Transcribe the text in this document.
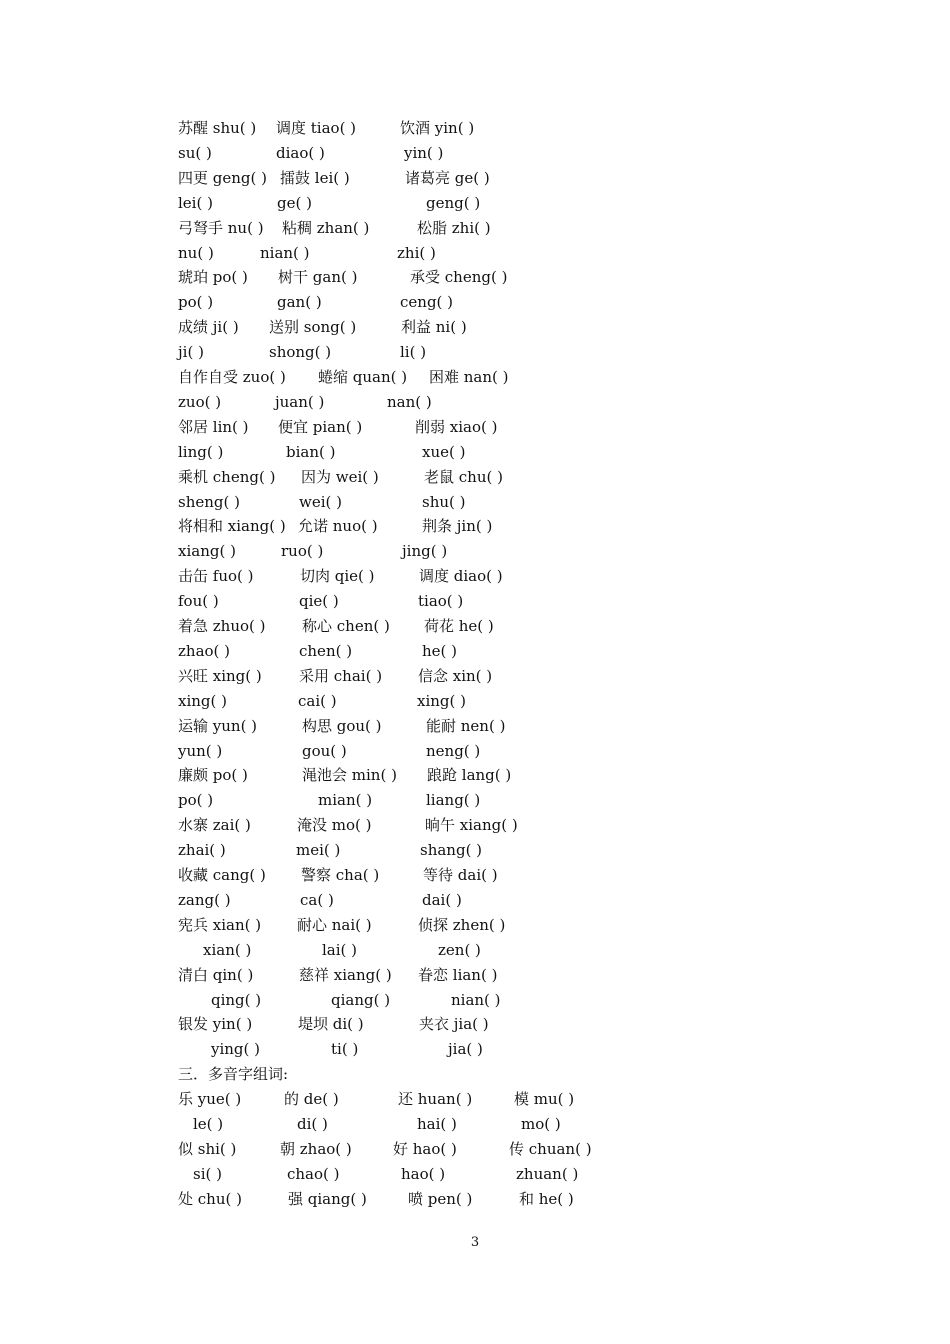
苏醒 shu( ) 调度 tiao( )	饮酒 yin( )
su( )	diao( )	yin( )
四更 geng( ) 擂鼓 lei( )	诸葛亮 ge( )
lei( )	ge( )	geng( )
弓弩手 nu( ) 粘稠 zhan( )	松脂 zhi( )
nu( )	nian( )	zhi( )
琥珀 po( ) 树干 gan( )	承受 cheng( )
po( )	gan( )	ceng( )
成绩 ji( ) 送别 song( )	利益 ni( )
ji( )	shong( )	li( )
自作自受 zuo( ) 蜷缩 quan( ) 困难 nan( )
zuo( )	juan( )	nan( )
邻居 lin( ) 便宜 pian( )	削弱 xiao( )
ling( )	bian( )	xue( )
乘机 cheng( ) 因为 wei( )	老鼠 chu( )
sheng( )	wei( )	shu( )
将相和 xiang( ) 允诺 nuo( )	荆条 jin( )
xiang( )	ruo( )	jing( )
击缶 fuo( )	切肉 qie( )	调度 diao( )
fou( )	qie( )	tiao( )
着急 zhuo( ) 称心 chen( ) 荷花 he( )
zhao( )	chen( )	he( )
兴旺 xing( ) 采用 chai( ) 信念 xin( )
xing( )	cai( )	xing( )
运输 yun( )	构思 gou( )	能耐 nen( )
yun( )	gou( )	neng( )
廉颇 po( )	渑池会 min( ) 踉跄 lang( )
po( )	mian( )	liang( )
水寨 zai( )	淹没 mo( )	晌午 xiang( )
zhai( )	mei( )	shang( )
收藏 cang( ) 警察 cha( )	等待 dai( )
zang( )	ca( )	dai( )
宪兵 xian( ) 耐心 nai( )	侦探 zhen( )
xian( )	lai( )	zen( )
清白 qin( )	慈祥 xiang( ) 眷恋 lian( )
qing( )	qiang( )	nian( )
银发 yin( )	堤坝 di( )	夹衣 jia( )
ying( )	ti( )	jia( )
三．多音字组词:
乐 yue( )	的 de( )	还 huan( )	模 mu( )
le( )	di( )	hai( )	mo( )
似 shi( )	朝 zhao( )	好 hao( )	传 chuan( )
si( )	chao( )	hao( )	zhuan( )
处 chu( )	强 qiang( )	喷 pen( )	和 he( )
3
